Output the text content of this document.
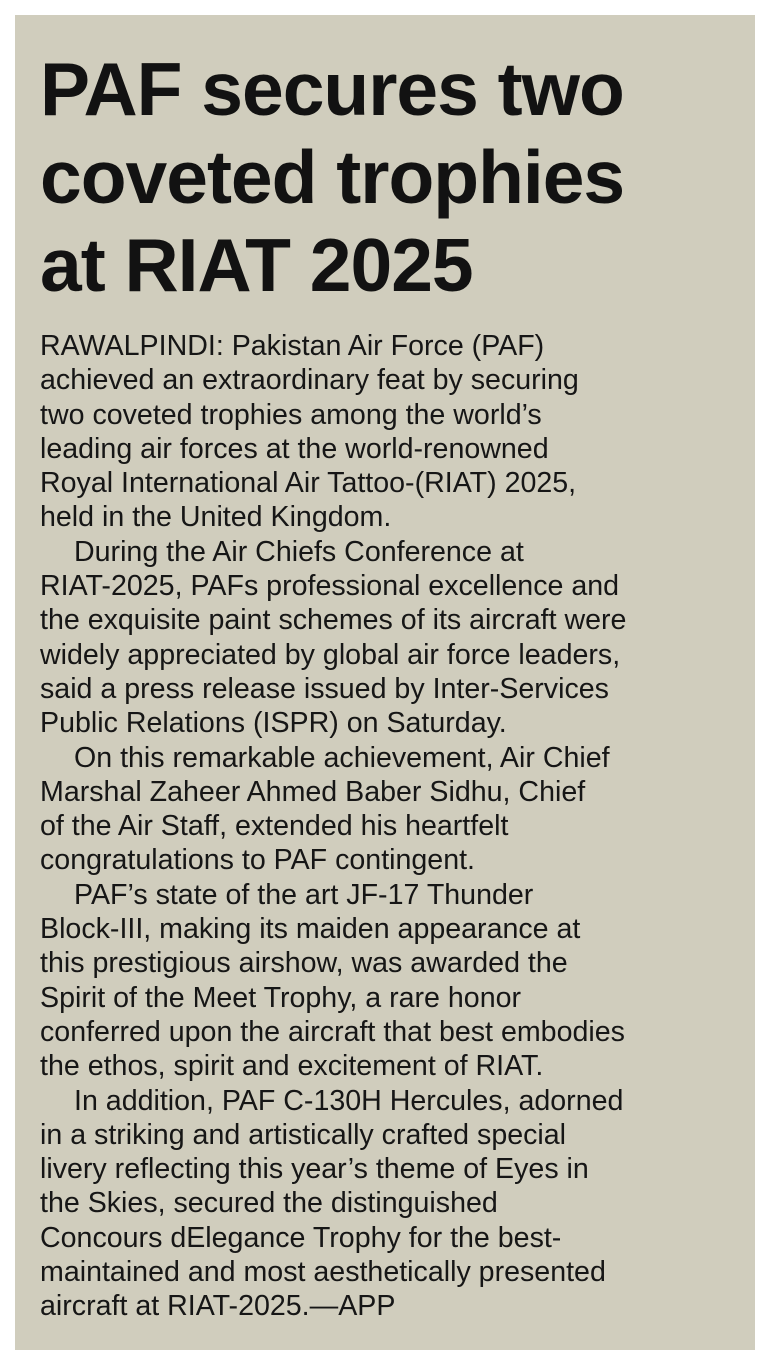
PAF secures two
coveted trophies
at RIAT 2025
RAWALPINDI: Pakistan Air Force (PAF)
achieved an extraordinary feat by securing
two coveted trophies among the world’s
leading air forces at the world-renowned
Royal International Air Tattoo-(RIAT) 2025,
held in the United Kingdom.
During the Air Chiefs Conference at
RIAT-2025, PAFs professional excellence and
the exquisite paint schemes of its aircraft were
widely appreciated by global air force leaders,
said a press release issued by Inter-Services
Public Relations (ISPR) on Saturday.
On this remarkable achievement, Air Chief
Marshal Zaheer Ahmed Baber Sidhu, Chief
of the Air Staff, extended his heartfelt
congratulations to PAF contingent.
PAF’s state of the art JF-17 Thunder
Block-III, making its maiden appearance at
this prestigious airshow, was awarded the
Spirit of the Meet Trophy, a rare honor
conferred upon the aircraft that best embodies
the ethos, spirit and excitement of RIAT.
In addition, PAF C-130H Hercules, adorned
in a striking and artistically crafted special
livery reflecting this year’s theme of Eyes in
the Skies, secured the distinguished
Concours dElegance Trophy for the best-
maintained and most aesthetically presented
aircraft at RIAT-2025.—APP
